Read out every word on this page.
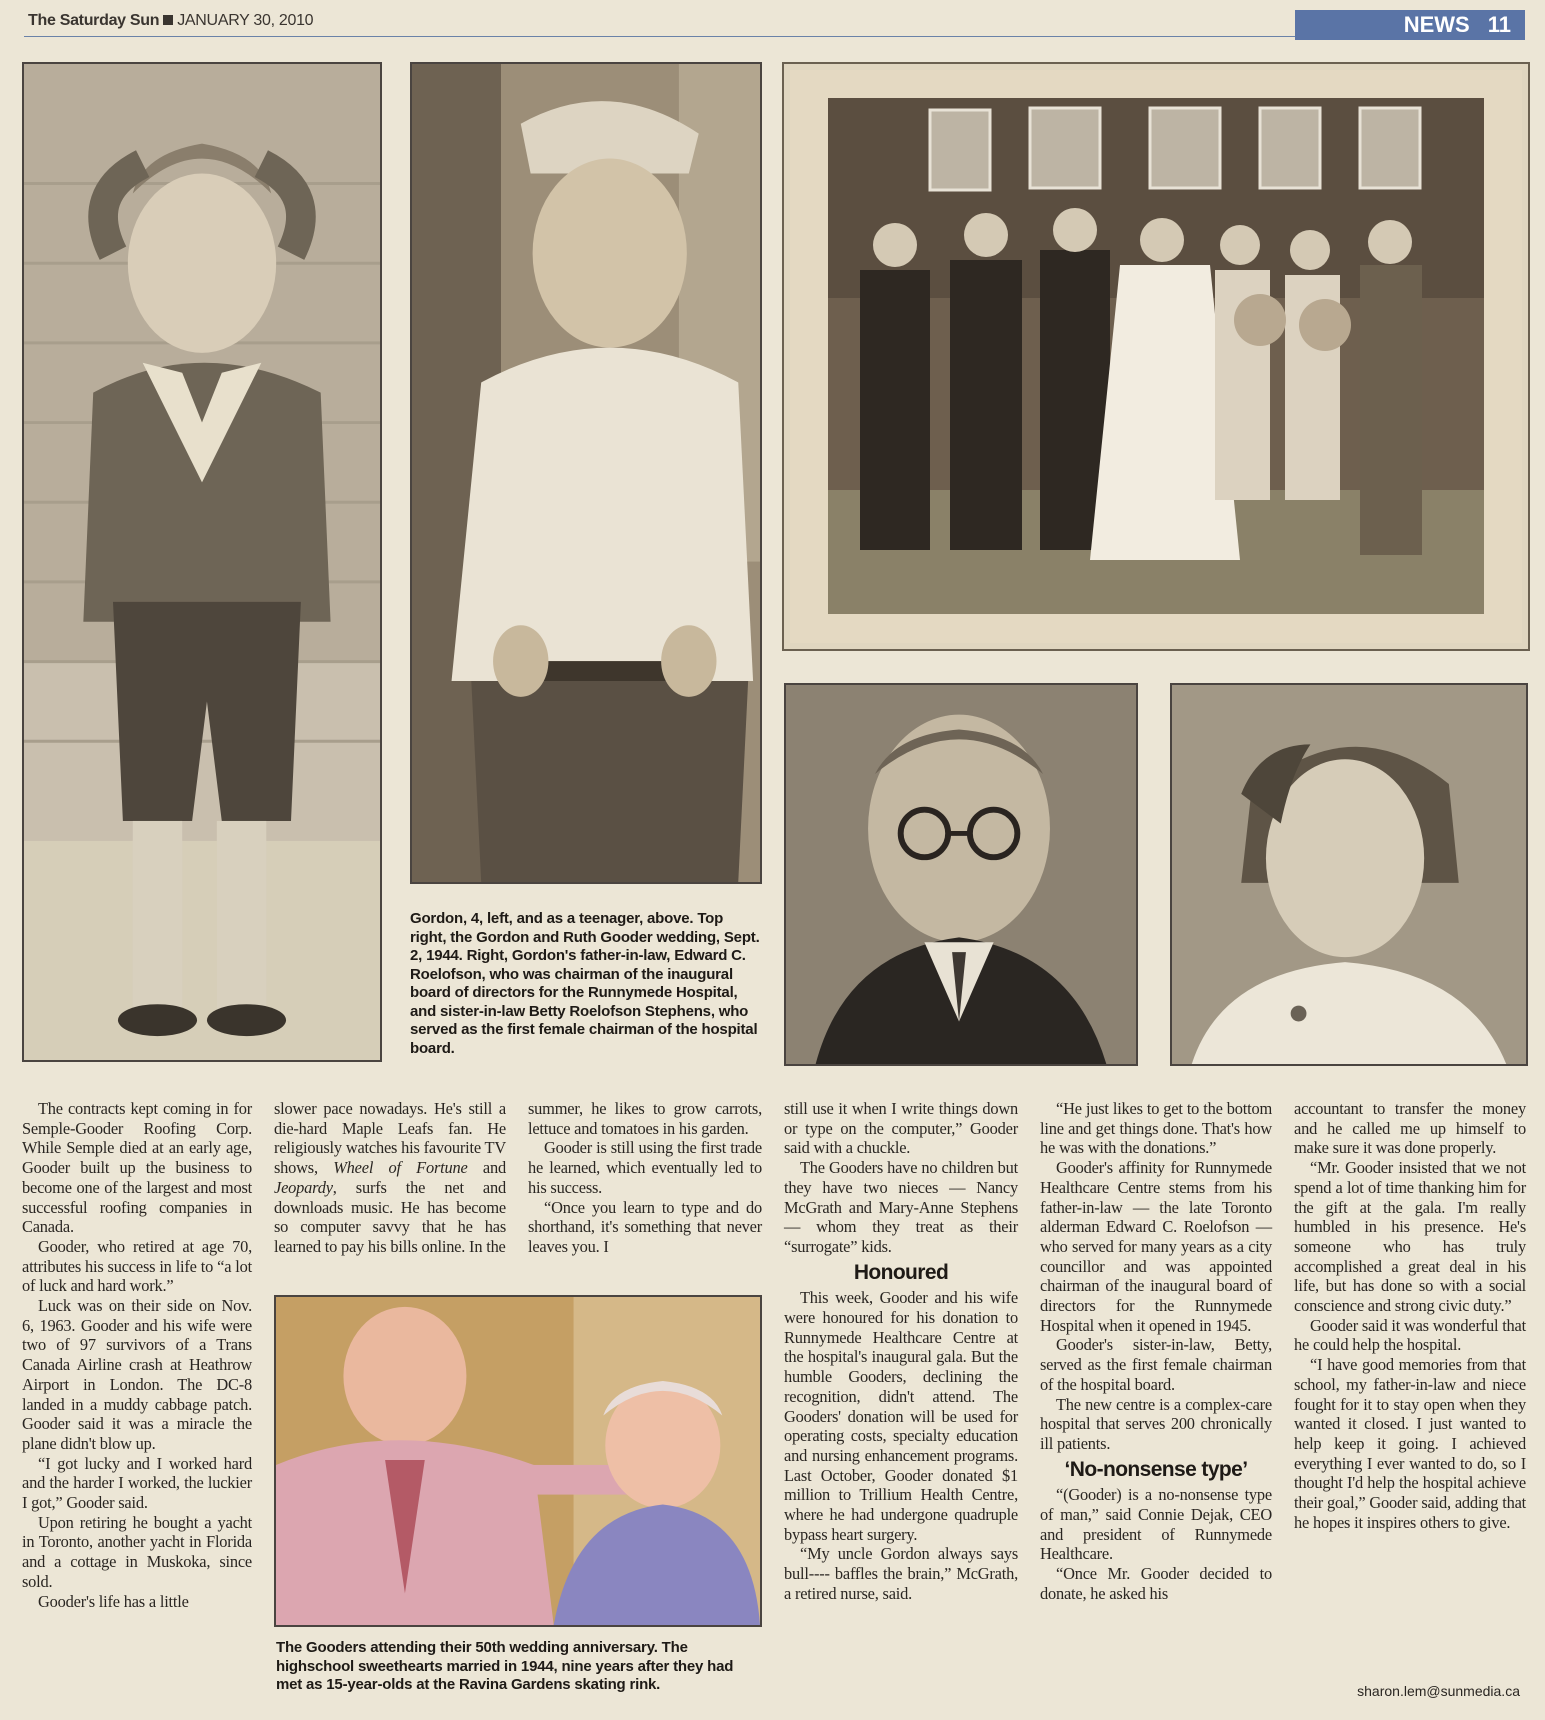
The Saturday Sun JANUARY 30, 2010	NEWS 11
Gordon, 4, left, and as a teenager, above. Top right, the Gordon and Ruth Gooder wedding, Sept. 2, 1944. Right, Gordon's father-in-law, Edward C. Roelofson, who was chairman of the inaugural board of directors for the Runnymede Hospital, and sister-in-law Betty Roelofson Stephens, who served as the first female chairman of the hospital board.

The contracts kept coming in for Semple-Gooder Roofing Corp. While Semple died at an early age, Gooder built up the business to become one of the largest and most successful roofing companies in Canada.

Gooder, who retired at age 70, attributes his success in life to “a lot of luck and hard work.”

Luck was on their side on Nov. 6, 1963. Gooder and his wife were two of 97 survivors of a Trans Canada Airline crash at Heathrow Airport in London. The DC-8 landed in a muddy cabbage patch. Gooder said it was a miracle the plane didn't blow up.

“I got lucky and I worked hard and the harder I worked, the luckier I got,” Gooder said.

Upon retiring he bought a yacht in Toronto, another yacht in Florida and a cottage in Muskoka, since sold.

Gooder's life has a little

slower pace nowadays. He's still a die-hard Maple Leafs fan. He religiously watches his favourite TV shows, Wheel of Fortune and Jeopardy, surfs the net and downloads music. He has become so computer savvy that he has learned to pay his bills online. In the

summer, he likes to grow carrots, lettuce and tomatoes in his garden.

Gooder is still using the first trade he learned, which eventually led to his success.

“Once you learn to type and do shorthand, it's something that never leaves you. I

The Gooders attending their 50th wedding anniversary. The highschool sweethearts married in 1944, nine years after they had met as 15-year-olds at the Ravina Gardens skating rink.

still use it when I write things down or type on the computer,” Gooder said with a chuckle.

The Gooders have no children but they have two nieces — Nancy McGrath and Mary-Anne Stephens — whom they treat as their “surrogate” kids.

Honoured

This week, Gooder and his wife were honoured for his donation to Runnymede Healthcare Centre at the hospital's inaugural gala. But the humble Gooders, declining the recognition, didn't attend. The Gooders' donation will be used for operating costs, specialty education and nursing enhancement programs. Last October, Gooder donated $1 million to Trillium Health Centre, where he had undergone quadruple bypass heart surgery.

“My uncle Gordon always says bull---- baffles the brain,” McGrath, a retired nurse, said.

“He just likes to get to the bottom line and get things done. That's how he was with the donations.”

Gooder's affinity for Runnymede Healthcare Centre stems from his father-in-law — the late Toronto alderman Edward C. Roelofson — who served for many years as a city councillor and was appointed chairman of the inaugural board of directors for the Runnymede Hospital when it opened in 1945.

Gooder's sister-in-law, Betty, served as the first female chairman of the hospital board.

The new centre is a complex-care hospital that serves 200 chronically ill patients.

‘No-nonsense type’

“(Gooder) is a no-nonsense type of man,” said Connie Dejak, CEO and president of Runnymede Healthcare.

“Once Mr. Gooder decided to donate, he asked his

accountant to transfer the money and he called me up himself to make sure it was done properly.

“Mr. Gooder insisted that we not spend a lot of time thanking him for the gift at the gala. I'm really humbled in his presence. He's someone who has truly accomplished a great deal in his life, but has done so with a social conscience and strong civic duty.”

Gooder said it was wonderful that he could help the hospital.

“I have good memories from that school, my father-in-law and niece fought for it to stay open when they wanted it closed. I just wanted to help keep it going. I achieved everything I ever wanted to do, so I thought I'd help the hospital achieve their goal,” Gooder said, adding that he hopes it inspires others to give.

sharon.lem@sunmedia.ca
